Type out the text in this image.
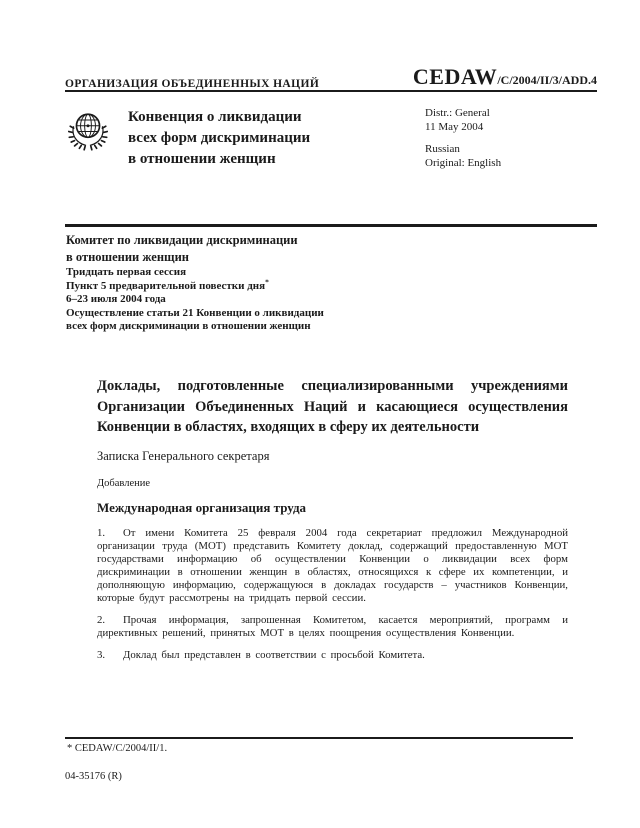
ОРГАНИЗАЦИЯ ОБЪЕДИНЕННЫХ НАЦИЙ	CEDAW/C/2004/II/3/ADD.4
Конвенция о ликвидации
всех форм дискриминации
в отношении женщин
Distr.: General
11 May 2004
Russian
Original: English
Комитет по ликвидации дискриминации
в отношении женщин
Тридцать первая сессия
Пункт 5 предварительной повестки дня*
6–23 июля 2004 года
Осуществление статьи 21 Конвенции о ликвидации
всех форм дискриминации в отношении женщин
Доклады, подготовленные специализированными учреждениями Организации Объединенных Наций и касающиеся осуществления Конвенции в областях, входящих в сферу их деятельности
Записка Генерального секретаря
Добавление
Международная организация труда

1. От имени Комитета 25 февраля 2004 года секретариат предложил Международной организации труда (МОТ) представить Комитету доклад, содержащий предоставленную МОТ государствами информацию об осуществлении Конвенции о ликвидации всех форм дискриминации в отношении женщин в областях, относящихся к сфере их компетенции, и дополняющую информацию, содержащуюся в докладах государств – участников Конвенции, которые будут рассмотрены на тридцать первой сессии.

2. Прочая информация, запрошенная Комитетом, касается мероприятий, программ и директивных решений, принятых МОТ в целях поощрения осуществления Конвенции.

3. Доклад был представлен в соответствии с просьбой Комитета.

* CEDAW/C/2004/II/1.
04-35176 (R)
